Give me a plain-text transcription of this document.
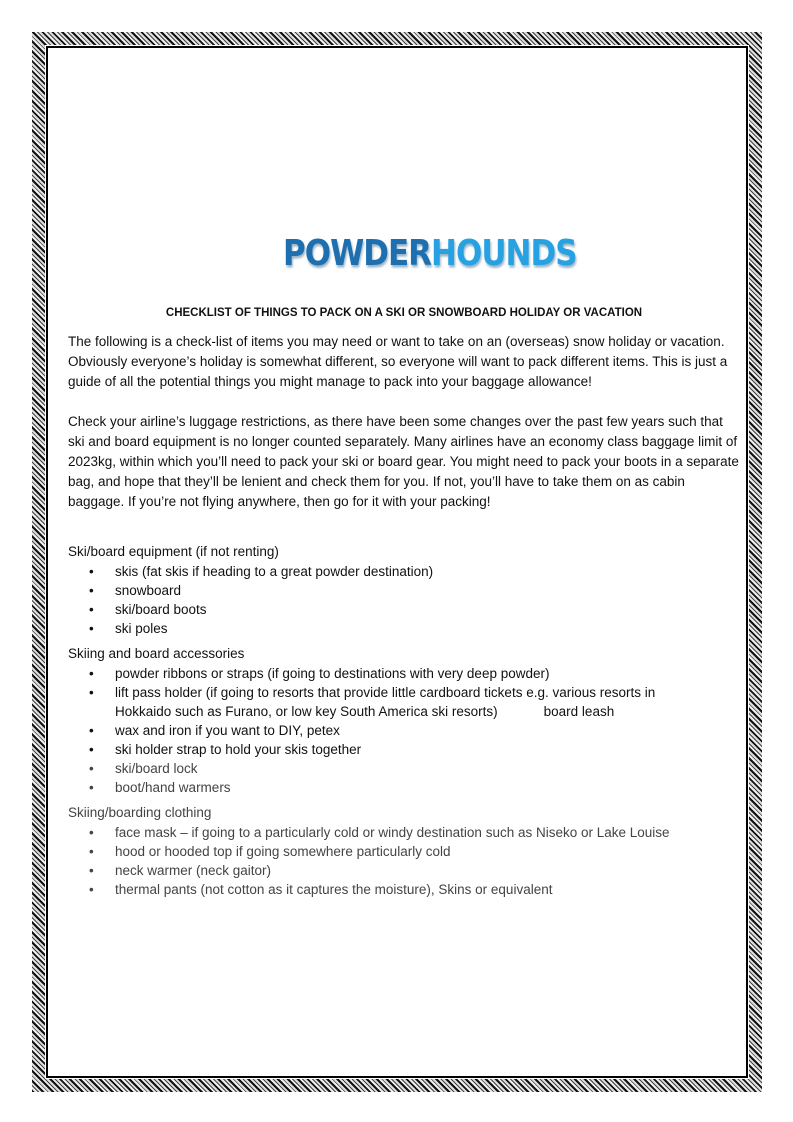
POWDERHOUNDS
CHECKLIST OF THINGS TO PACK ON A SKI OR SNOWBOARD HOLIDAY OR VACATION

The following is a check-list of items you may need or want to take on an (overseas) snow holiday or vacation. Obviously everyone’s holiday is somewhat different, so everyone will want to pack different items. This is just a guide of all the potential things you might manage to pack into your baggage allowance!

Check your airline’s luggage restrictions, as there have been some changes over the past few years such that ski and board equipment is no longer counted separately. Many airlines have an economy class baggage limit of 2023kg, within which you’ll need to pack your ski or board gear. You might need to pack your boots in a separate bag, and hope that they’ll be lenient and check them for you. If not, you’ll have to take them on as cabin baggage. If you’re not flying anywhere, then go for it with your packing!

Ski/board equipment (if not renting)
• skis (fat skis if heading to a great powder destination)
• snowboard
• ski/board boots
• ski poles
Skiing and board accessories
• powder ribbons or straps (if going to destinations with very deep powder)
• lift pass holder (if going to resorts that provide little cardboard tickets e.g. various resorts in Hokkaido such as Furano, or low key South America ski resorts)	board leash
• wax and iron if you want to DIY, petex
• ski holder strap to hold your skis together
• ski/board lock
• boot/hand warmers
Skiing/boarding clothing
• face mask – if going to a particularly cold or windy destination such as Niseko or Lake Louise
• hood or hooded top if going somewhere particularly cold
• neck warmer (neck gaitor)
• thermal pants (not cotton as it captures the moisture), Skins or equivalent
